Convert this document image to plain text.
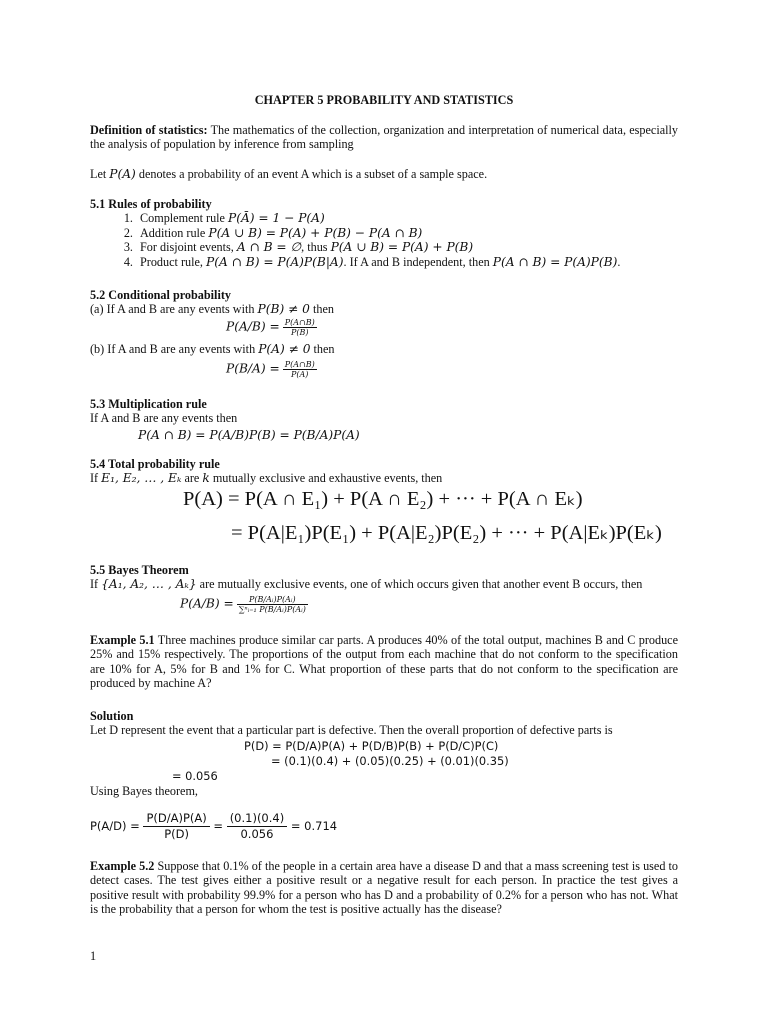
CHAPTER 5 PROBABILITY AND STATISTICS
Definition of statistics: The mathematics of the collection, organization and interpretation of numerical data, especially the analysis of population by inference from sampling
Let P(A) denotes a probability of an event A which is a subset of a sample space.
5.1 Rules of probability
1. Complement rule P(Ā) = 1 − P(A)
2. Addition rule P(A ∪ B) = P(A) + P(B) − P(A ∩ B)
3. For disjoint events, A ∩ B = ∅, thus P(A ∪ B) = P(A) + P(B)
4. Product rule, P(A ∩ B) = P(A)P(B|A). If A and B independent, then P(A ∩ B) = P(A)P(B).
5.2 Conditional probability
(a) If A and B are any events with P(B) ≠ 0 then
$P(A/B) = \frac{P(A\cap B)}{P(B)}$
(b) If A and B are any events with P(A) ≠ 0 then
$P(B/A) = \frac{P(A\cap B)}{P(A)}$
5.3 Multiplication rule
If A and B are any events then
P(A ∩ B) = P(A/B)P(B) = P(B/A)P(A)
5.4 Total probability rule
If E₁, E₂, … , Eₖ are k mutually exclusive and exhaustive events, then
P(A) = P(A ∩ E₁) + P(A ∩ E₂) + ··· + P(A ∩ Eₖ)
= P(A|E₁)P(E₁) + P(A|E₂)P(E₂) + ··· + P(A|Eₖ)P(Eₖ)
5.5 Bayes Theorem
If {A₁, A₂, … , Aₖ} are mutually exclusive events, one of which occurs given that another event B occurs, then
$P(A/B) = \frac{\text{P(B/Aᵢ)P(Aᵢ)}}{\text{∑ⁿᵢ₌₁ P(B/Aᵢ)P(Aᵢ)}}$
Example 5.1 Three machines produce similar car parts. A produces 40% of the total output, machines B and C produce 25% and 15% respectively. The proportions of the output from each machine that do not conform to the specification are 10% for A, 5% for B and 1% for C. What proportion of these parts that do not conform to the specification are produced by machine A?
Solution
Let D represent the event that a particular part is defective. Then the overall proportion of defective parts is
P(D) = P(D/A)P(A) + P(D/B)P(B) + P(D/C)P(C)
= (0.1)(0.4) + (0.05)(0.25) + (0.01)(0.35)
= 0.056
Using Bayes theorem,
$P(A/D) = \frac{P(D/A)P(A)}{P(D)} = \frac{(0.1)(0.4)}{0.056} = 0.714$
Example 5.2 Suppose that 0.1% of the people in a certain area have a disease D and that a mass screening test is used to detect cases. The test gives either a positive result or a negative result for each person. In practice the test gives a positive result with probability 99.9% for a person who has D and a probability of 0.2% for a person who has not. What is the probability that a person for whom the test is positive actually has the disease?
1
